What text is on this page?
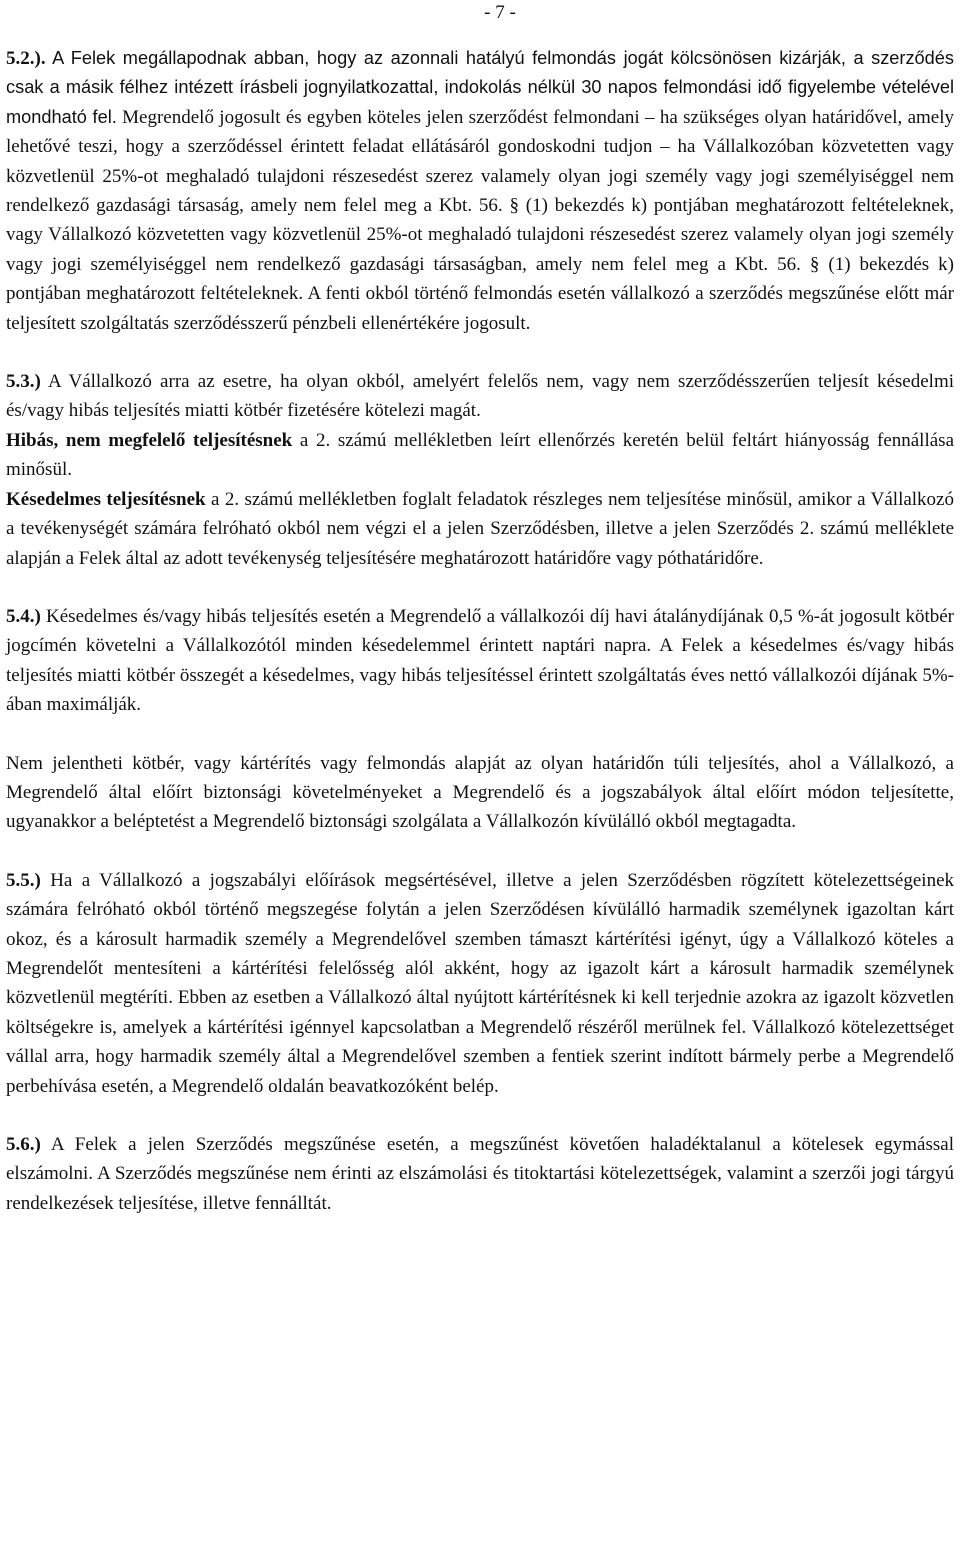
- 7 -

5.2.). A Felek megállapodnak abban, hogy az azonnali hatályú felmondás jogát kölcsönösen kizárják, a szerződés csak a másik félhez intézett írásbeli jognyilatkozattal, indokolás nélkül 30 napos felmondási idő figyelembe vételével mondható fel. Megrendelő jogosult és egyben köteles jelen szerződést felmondani – ha szükséges olyan határidővel, amely lehetővé teszi, hogy a szerződéssel érintett feladat ellátásáról gondoskodni tudjon – ha Vállalkozóban közvetetten vagy közvetlenül 25%-ot meghaladó tulajdoni részesedést szerez valamely olyan jogi személy vagy jogi személyiséggel nem rendelkező gazdasági társaság, amely nem felel meg a Kbt. 56. § (1) bekezdés k) pontjában meghatározott feltételeknek, vagy Vállalkozó közvetetten vagy közvetlenül 25%-ot meghaladó tulajdoni részesedést szerez valamely olyan jogi személy vagy jogi személyiséggel nem rendelkező gazdasági társaságban, amely nem felel meg a Kbt. 56. § (1) bekezdés k) pontjában meghatározott feltételeknek. A fenti okból történő felmondás esetén vállalkozó a szerződés megszűnése előtt már teljesített szolgáltatás szerződésszerű pénzbeli ellenértékére jogosult.

5.3.) A Vállalkozó arra az esetre, ha olyan okból, amelyért felelős nem, vagy nem szerződésszerűen teljesít késedelmi és/vagy hibás teljesítés miatti kötbér fizetésére kötelezi magát.

Hibás, nem megfelelő teljesítésnek a 2. számú mellékletben leírt ellenőrzés keretén belül feltárt hiányosság fennállása minősül.

Késedelmes teljesítésnek a 2. számú mellékletben foglalt feladatok részleges nem teljesítése minősül, amikor a Vállalkozó a tevékenységét számára felróható okból nem végzi el a jelen Szerződésben, illetve a jelen Szerződés 2. számú melléklete alapján a Felek által az adott tevékenység teljesítésére meghatározott határidőre vagy póthatáridőre.

5.4.) Késedelmes és/vagy hibás teljesítés esetén a Megrendelő a vállalkozói díj havi átalánydíjának 0,5 %-át jogosult kötbér jogcímén követelni a Vállalkozótól minden késedelemmel érintett naptári napra. A Felek a késedelmes és/vagy hibás teljesítés miatti kötbér összegét a késedelmes, vagy hibás teljesítéssel érintett szolgáltatás éves nettó vállalkozói díjának 5%-ában maximálják.

Nem jelentheti kötbér, vagy kártérítés vagy felmondás alapját az olyan határidőn túli teljesítés, ahol a Vállalkozó, a Megrendelő által előírt biztonsági követelményeket a Megrendelő és a jogszabályok által előírt módon teljesítette, ugyanakkor a beléptetést a Megrendelő biztonsági szolgálata a Vállalkozón kívülálló okból megtagadta.

5.5.) Ha a Vállalkozó a jogszabályi előírások megsértésével, illetve a jelen Szerződésben rögzített kötelezettségeinek számára felróható okból történő megszegése folytán a jelen Szerződésen kívülálló harmadik személynek igazoltan kárt okoz, és a károsult harmadik személy a Megrendelővel szemben támaszt kártérítési igényt, úgy a Vállalkozó köteles a Megrendelőt mentesíteni a kártérítési felelősség alól akként, hogy az igazolt kárt a károsult harmadik személynek közvetlenül megtéríti. Ebben az esetben a Vállalkozó által nyújtott kártérítésnek ki kell terjednie azokra az igazolt közvetlen költségekre is, amelyek a kártérítési igénnyel kapcsolatban a Megrendelő részéről merülnek fel. Vállalkozó kötelezettséget vállal arra, hogy harmadik személy által a Megrendelővel szemben a fentiek szerint indított bármely perbe a Megrendelő perbehívása esetén, a Megrendelő oldalán beavatkozóként belép.

5.6.) A Felek a jelen Szerződés megszűnése esetén, a megszűnést követően haladéktalanul a kötelesek egymással elszámolni. A Szerződés megszűnése nem érinti az elszámolási és titoktartási kötelezettségek, valamint a szerzői jogi tárgyú rendelkezések teljesítése, illetve fennálltát.
